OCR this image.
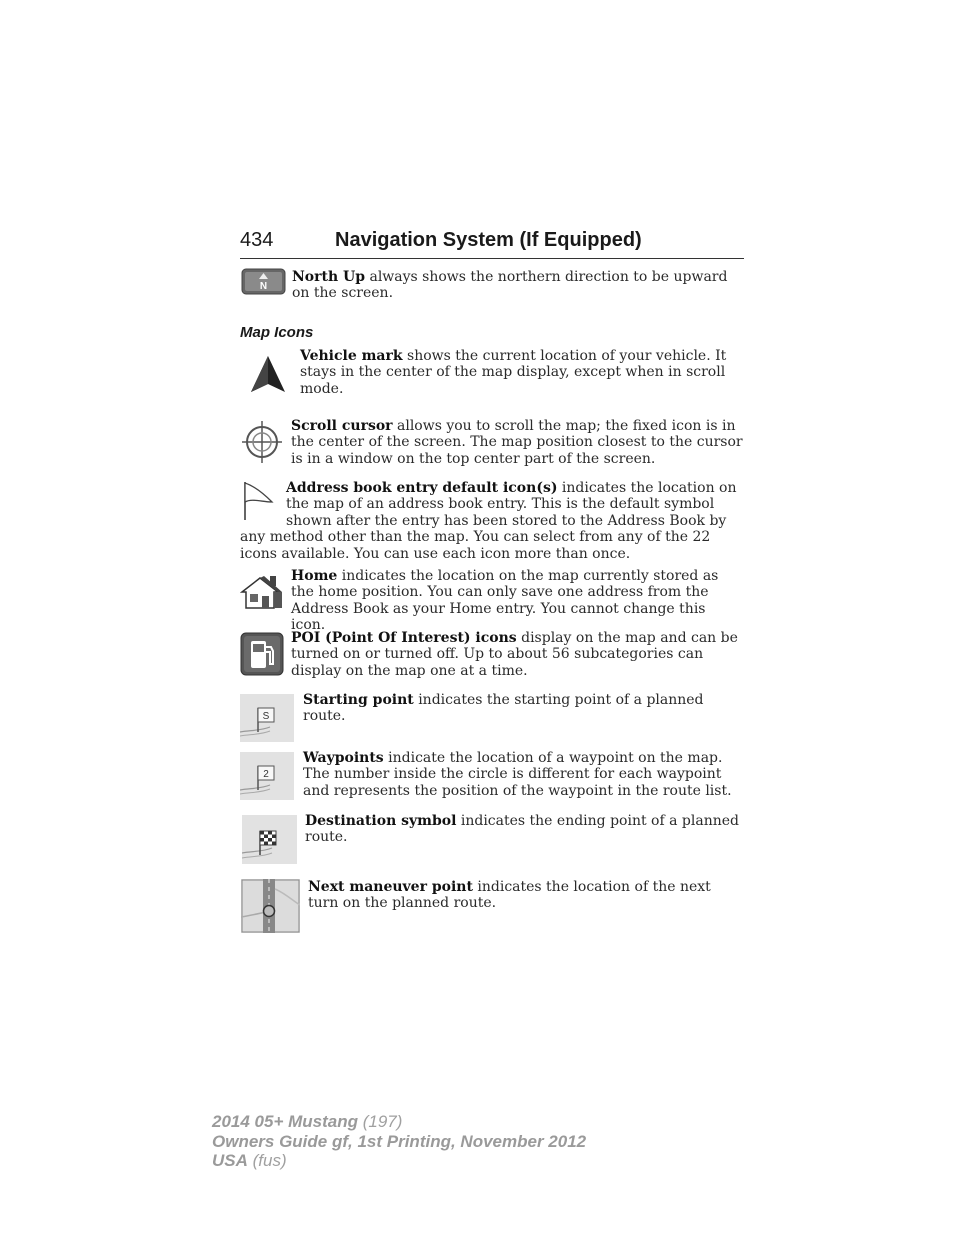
434	Navigation System (If Equipped)
N
North Up always shows the northern direction to be upward on the screen.
Map Icons
Vehicle mark shows the current location of your vehicle. It stays in the center of the map display, except when in scroll mode.
Scroll cursor allows you to scroll the map; the fixed icon is in the center of the screen. The map position closest to the cursor is in a window on the top center part of the screen.
Address book entry default icon(s) indicates the location on the map of an address book entry. This is the default symbol shown after the entry has been stored to the Address Book by any method other than the map. You can select from any of the 22 icons available. You can use each icon more than once.
Home indicates the location on the map currently stored as the home position. You can only save one address from the Address Book as your Home entry. You cannot change this icon.
POI (Point Of Interest) icons display on the map and can be turned on or turned off. Up to about 56 subcategories can display on the map one at a time.
S
Starting point indicates the starting point of a planned route.
2
Waypoints indicate the location of a waypoint on the map. The number inside the circle is different for each waypoint and represents the position of the waypoint in the route list.
Destination symbol indicates the ending point of a planned route.
Next maneuver point indicates the location of the next turn on the planned route.
2014 05+ Mustang (197)
Owners Guide gf, 1st Printing, November 2012
USA (fus)
